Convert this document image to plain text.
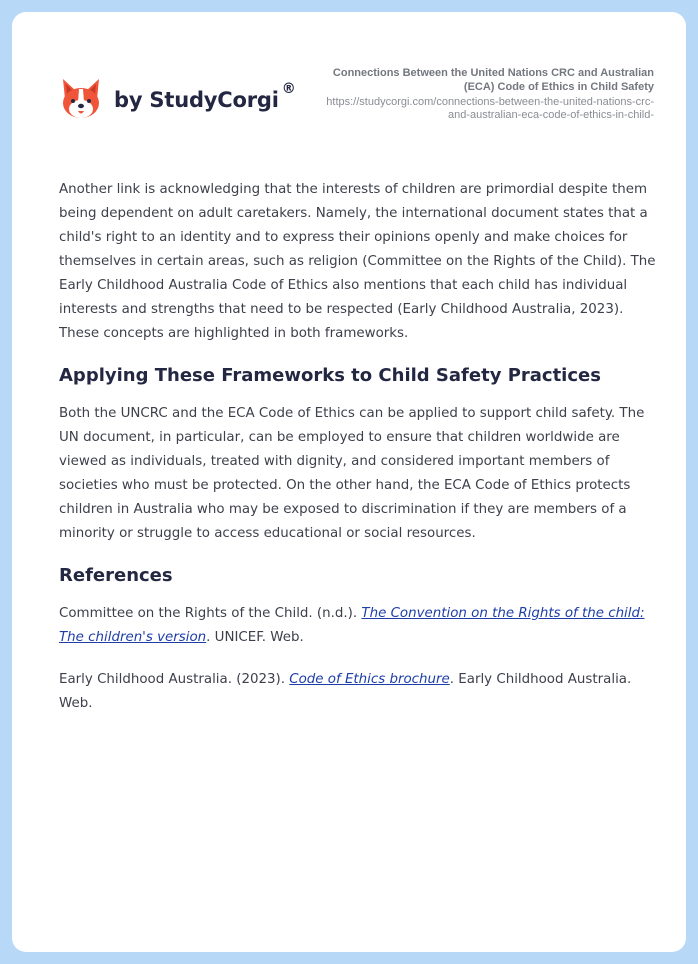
by StudyCorgi ®
Connections Between the United Nations CRC and Australian (ECA) Code of Ethics in Child Safety
https://studycorgi.com/connections-between-the-united-nations-crc-and-australian-eca-code-of-ethics-in-child-

Another link is acknowledging that the interests of children are primordial despite them being dependent on adult caretakers. Namely, the international document states that a child's right to an identity and to express their opinions openly and make choices for themselves in certain areas, such as religion (Committee on the Rights of the Child). The Early Childhood Australia Code of Ethics also mentions that each child has individual interests and strengths that need to be respected (Early Childhood Australia, 2023). These concepts are highlighted in both frameworks.

Applying These Frameworks to Child Safety Practices

Both the UNCRC and the ECA Code of Ethics can be applied to support child safety. The UN document, in particular, can be employed to ensure that children worldwide are viewed as individuals, treated with dignity, and considered important members of societies who must be protected. On the other hand, the ECA Code of Ethics protects children in Australia who may be exposed to discrimination if they are members of a minority or struggle to access educational or social resources.

References

Committee on the Rights of the Child. (n.d.). The Convention on the Rights of the child: The children's version. UNICEF. Web.

Early Childhood Australia. (2023). Code of Ethics brochure. Early Childhood Australia. Web.
